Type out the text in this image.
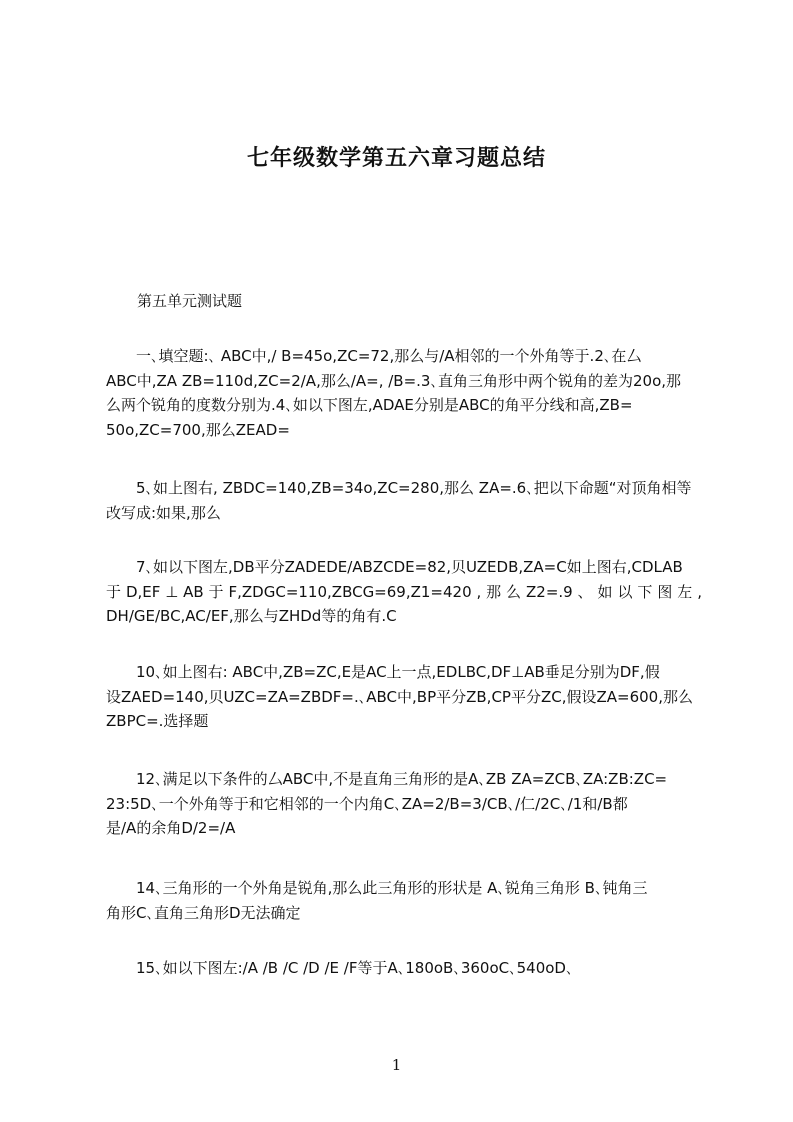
七年级数学第五六章习题总结

第五单元测试题

一､填空题:､ ABC中,/ B=45o,ZC=72,那么与/A相邻的一个外角等于.2､在厶
ABC中,ZA ZB=110d,ZC=2/A,那么/A=, /B=.3､直角三角形中两个锐角的差为20o,那
么两个锐角的度数分别为.4､如以下图左,ADAE分别是ABC的角平分线和高,ZB=
50o,ZC=700,那么ZEAD=
5､如上图右, ZBDC=140,ZB=34o,ZC=280,那么 ZA=.6､把以下命题“对顶角相等
改写成:如果,那么
7､如以下图左,DB平分ZADEDE/ABZCDE=82,贝UZEDB,ZA=C如上图右,CDLAB
于 D,EF ⊥ AB 于 F,ZDGC=110,ZBCG=69,Z1=420 , 那 么 Z2=.9 、 如 以 下 图 左 ,
DH/GE/BC,AC/EF,那么与ZHDd等的角有.C
10､如上图右: ABC中,ZB=ZC,E是AC上一点,EDLBC,DF⊥AB垂足分别为DF,假
设ZAED=140,贝UZC=ZA=ZBDF=.､ABC中,BP平分ZB,CP平分ZC,假设ZA=600,那么
ZBPC=.选择题
12､满足以下条件的厶ABC中,不是直角三角形的是A､ZB ZA=ZCB､ZA:ZB:ZC=
23:5D､一个外角等于和它相邻的一个内角C､ZA=2/B=3/CB､/仁/2C､/1和/B都
是/A的余角D/2=/A
14､三角形的一个外角是锐角,那么此三角形的形状是 A､锐角三角形 B､钝角三
角形C､直角三角形D无法确定
15､如以下图左:/A /B /C /D /E /F等于A､180oB､360oC､540oD､

1
